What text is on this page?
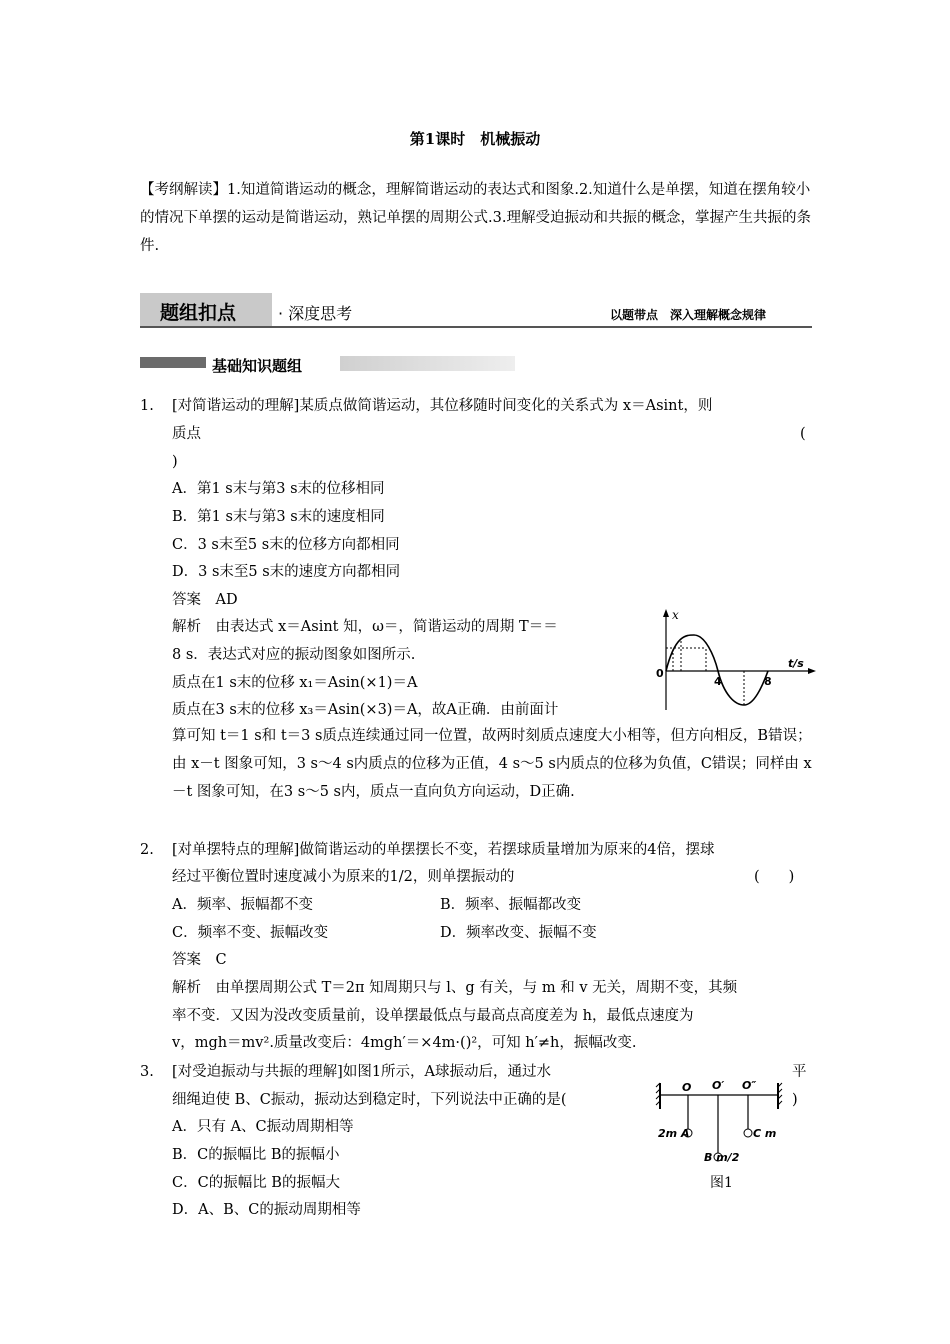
第1课时　机械振动
【考纲解读】1.知道简谐运动的概念，理解简谐运动的表达式和图象.2.知道什么是单摆，知道在摆角较小的情况下单摆的运动是简谐运动，熟记单摆的周期公式.3.理解受迫振动和共振的概念，掌握产生共振的条件.
题组扣点	· 深度思考	以题带点　深入理解概念规律
基础知识题组
1. [对简谐运动的理解]某质点做简谐运动，其位移随时间变化的关系式为 x＝Asint，则
质点	(
)
A．第1 s末与第3 s末的位移相同
B．第1 s末与第3 s末的速度相同
C．3 s末至5 s末的位移方向都相同
D．3 s末至5 s末的速度方向都相同
答案　AD
解析　由表达式 x＝Asint 知，ω＝，简谐运动的周期 T＝＝
8 s．表达式对应的振动图象如图所示.
质点在1 s末的位移 x₁＝Asin(×1)＝A
质点在3 s末的位移 x₃＝Asin(×3)＝A，故A正确．由前面计
算可知 t＝1 s和 t＝3 s质点连续通过同一位置，故两时刻质点速度大小相等，但方向相反，B错误；由 x－t 图象可知，3 s～4 s内质点的位移为正值，4 s～5 s内质点的位移为负值，C错误；同样由 x－t 图象可知，在3 s～5 s内，质点一直向负方向运动，D正确.
x
t/s
0
4	8
2. [对单摆特点的理解]做简谐运动的单摆摆长不变，若摆球质量增加为原来的4倍，摆球
经过平衡位置时速度减小为原来的1/2，则单摆振动的	(　　)
A．频率、振幅都不变	B．频率、振幅都改变
C．频率不变、振幅改变	D．频率改变、振幅不变
答案　C
解析　由单摆周期公式 T＝2π 知周期只与 l、g 有关，与 m 和 v 无关，周期不变，其频
率不变．又因为没改变质量前，设单摆最低点与最高点高度差为 h，最低点速度为
v，mgh＝mv².质量改变后：4mgh′＝×4m·()²，可知 h′≠h，振幅改变.
3. [对受迫振动与共振的理解]如图1所示，A球振动后，通过水	平
细绳迫使 B、C振动，振动达到稳定时，下列说法中正确的是(	)
A．只有 A、C振动周期相等
B．C的振幅比 B的振幅小
C．C的振幅比 B的振幅大
D．A、B、C的振动周期相等
O O′ O″
2m A	C m
B m/2
图1
